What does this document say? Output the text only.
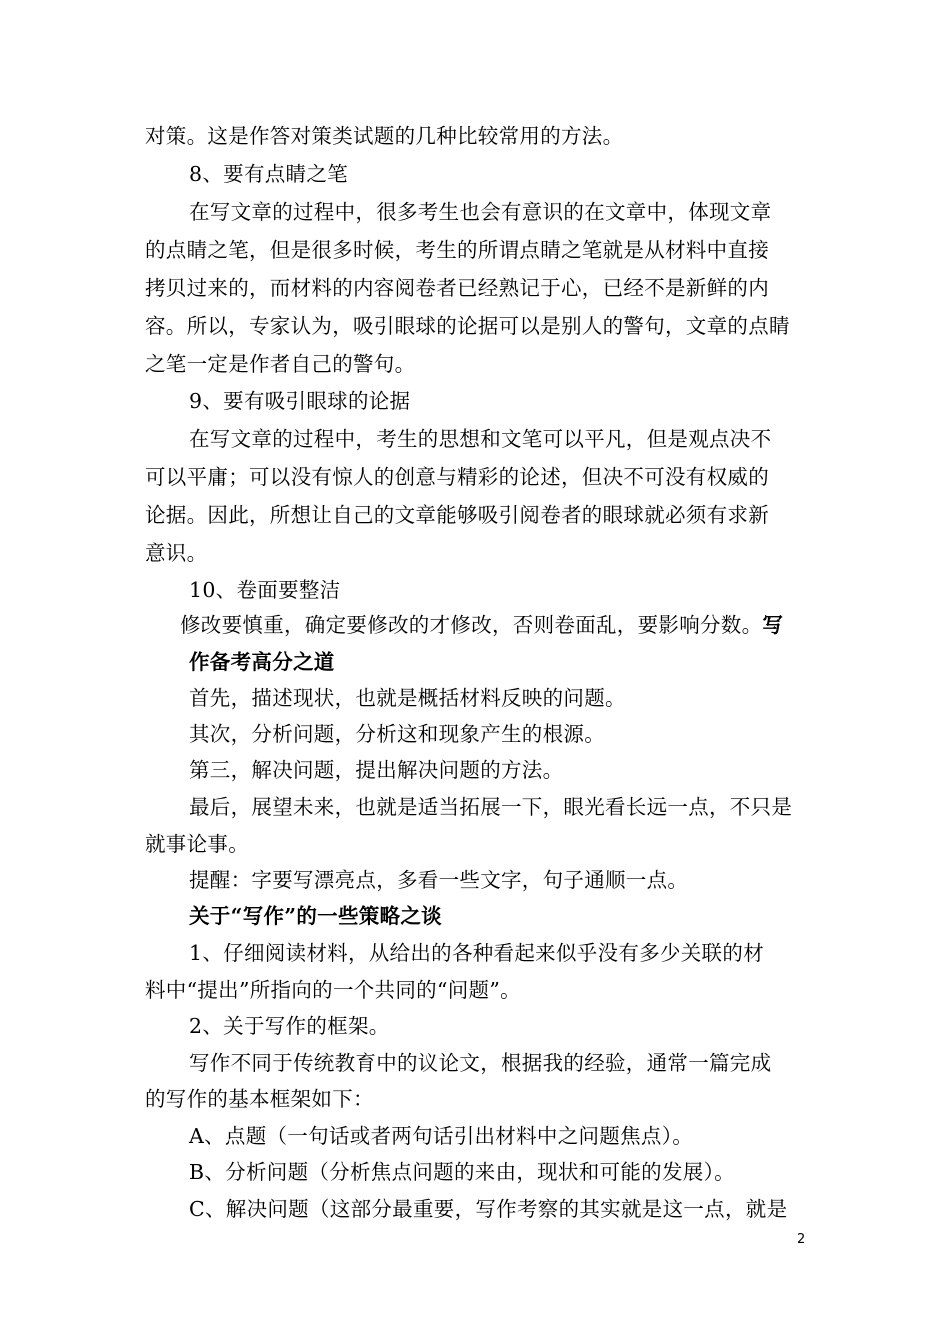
对策。这是作答对策类试题的几种比较常用的方法。
8、要有点睛之笔
在写文章的过程中，很多考生也会有意识的在文章中，体现文章
的点睛之笔，但是很多时候，考生的所谓点睛之笔就是从材料中直接
拷贝过来的，而材料的内容阅卷者已经熟记于心，已经不是新鲜的内
容。所以，专家认为，吸引眼球的论据可以是别人的警句，文章的点睛
之笔一定是作者自己的警句。
9、要有吸引眼球的论据
在写文章的过程中，考生的思想和文笔可以平凡，但是观点决不
可以平庸；可以没有惊人的创意与精彩的论述，但决不可没有权威的
论据。因此，所想让自己的文章能够吸引阅卷者的眼球就必须有求新
意识。
10、卷面要整洁
修改要慎重，确定要修改的才修改，否则卷面乱，要影响分数。写
作备考高分之道
首先，描述现状，也就是概括材料反映的问题。
其次，分析问题，分析这和现象产生的根源。
第三，解决问题，提出解决问题的方法。
最后，展望未来，也就是适当拓展一下，眼光看长远一点，不只是
就事论事。
提醒：字要写漂亮点，多看一些文字，句子通顺一点。
关于“写作”的一些策略之谈
1、仔细阅读材料，从给出的各种看起来似乎没有多少关联的材
料中“提出”所指向的一个共同的“问题”。
2、关于写作的框架。
写作不同于传统教育中的议论文，根据我的经验，通常一篇完成
的写作的基本框架如下：
A、点题（一句话或者两句话引出材料中之问题焦点）。
B、分析问题（分析焦点问题的来由，现状和可能的发展）。
C、解决问题（这部分最重要，写作考察的其实就是这一点，就是
2
